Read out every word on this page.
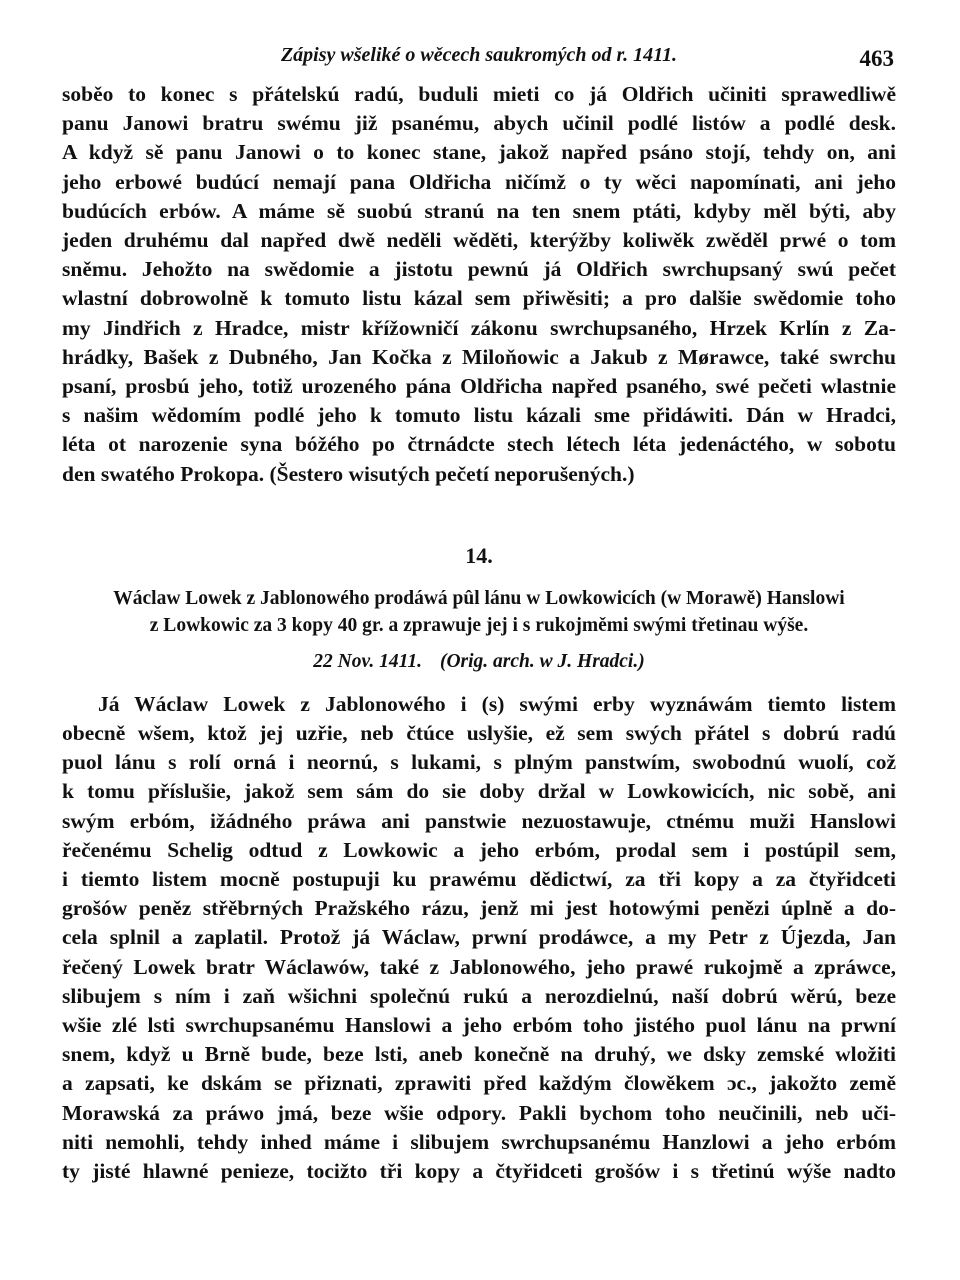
Zápisy wšeliké o wěcech saukromých od r. 1411.	463
soběo to konec s přátelskú radú, buduli mieti co já Oldřich učiniti sprawedliwě
panu Janowi bratru swému již psanému, abych učinil podlé listów a podlé desk.
A když sě panu Janowi o to konec stane, jakož napřed psáno stojí, tehdy on, ani
jeho erbowé budúcí nemají pana Oldřicha ničímž o ty wěci napomínati, ani jeho
budúcích erbów. A máme sě suobú stranú na ten snem ptáti, kdyby měl býti, aby
jeden druhému dal napřed dwě neděli wěděti, kterýžby koliwěk zwěděl prwé o tom
sněmu. Jehožto na swědomie a jistotu pewnú já Oldřich swrchupsaný swú pečet
wlastní dobrowolně k tomuto listu kázal sem přiwěsiti; a pro dalšie swědomie toho
my Jindřich z Hradce, mistr křížowničí zákonu swrchupsaného, Hrzek Krlín z Za-
hrádky, Bašek z Dubného, Jan Kočka z Miloňowic a Jakub z Mørawce, také swrchu
psaní, prosbú jeho, totiž urozeného pána Oldřicha napřed psaného, swé pečeti wlastnie
s našim wědomím podlé jeho k tomuto listu kázali sme přidáwiti. Dán w Hradci,
léta ot narozenie syna bóžého po čtrnádcte stech létech léta jedenáctého, w sobotu
den swatého Prokopa. (Šestero wisutých pečetí neporušených.)
14.
Wáclaw Lowek z Jablonowého prodáwá pûl lánu w Lowkowicích (w Morawě) Hanslowi
z Lowkowic za 3 kopy 40 gr. a zprawuje jej i s rukojměmi swými třetinau wýše.
22 Nov. 1411. (Orig. arch. w J. Hradci.)
Já Wáclaw Lowek z Jablonowého i (s) swými erby wyznáwám tiemto listem
obecně wšem, ktož jej uzřie, neb čtúce uslyšie, ež sem swých přátel s dobrú radú
puol lánu s rolí orná i neornú, s lukami, s plným panstwím, swobodnú wuolí, což
k tomu příslušie, jakož sem sám do sie doby držal w Lowkowicích, nic sobě, ani
swým erbóm, ižádného práwa ani panstwie nezuostawuje, ctnému muži Hanslowi
řečenému Schelig odtud z Lowkowic a jeho erbóm, prodal sem i postúpil sem,
i tiemto listem mocně postupuji ku prawému dědictwí, za tři kopy a za čtyřidceti
grošów peněz střěbrných Pražského rázu, jenž mi jest hotowými penězi úplně a do-
cela splnil a zaplatil. Protož já Wáclaw, prwní prodáwce, a my Petr z Újezda, Jan
řečený Lowek bratr Wáclawów, také z Jablonowého, jeho prawé rukojmě a zpráwce,
slibujem s ním i zaň wšichni společnú rukú a nerozdielnú, naší dobrú wěrú, beze
wšie zlé lsti swrchupsanému Hanslowi a jeho erbóm toho jistého puol lánu na prwní
snem, když u Brně bude, beze lsti, aneb konečně na druhý, we dsky zemské wložiti
a zapsati, ke dskám se přiznati, zprawiti před každým člowěkem ɔc., jakožto země
Morawská za práwo jmá, beze wšie odpory. Pakli bychom toho neučinili, neb uči-
niti nemohli, tehdy inhed máme i slibujem swrchupsanému Hanzlowi a jeho erbóm
ty jisté hlawné penieze, tocižto tři kopy a čtyřidceti grošów i s třetinú wýše nadto
